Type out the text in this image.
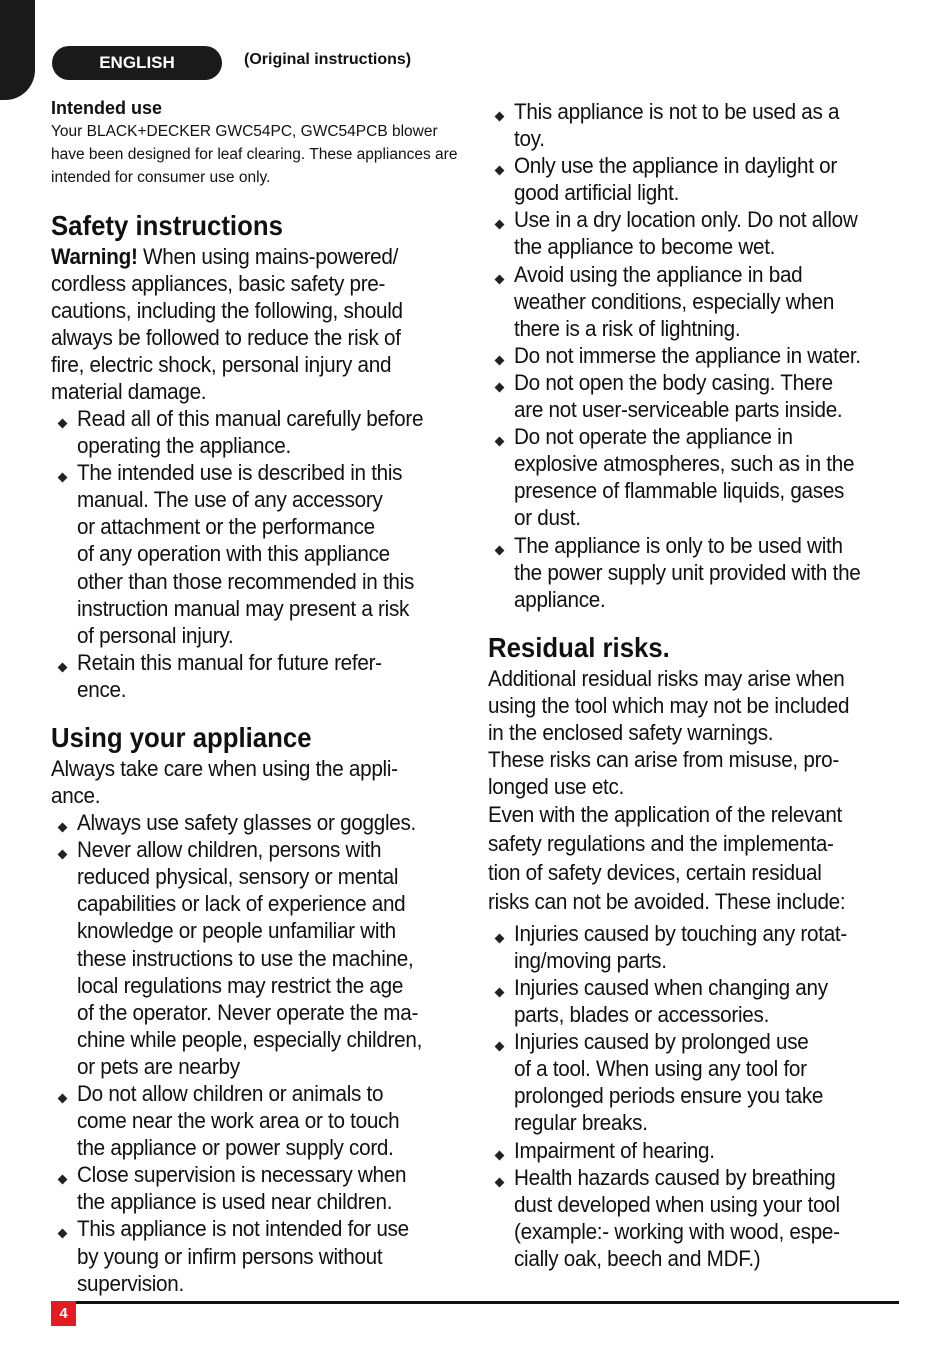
ENGLISH	(Original instructions)
Intended use

Your BLACK+DECKER GWC54PC, GWC54PCB blower
have been designed for leaf clearing. These appliances are
intended for consumer use only.

Safety instructions

Warning! When using mains-powered/
cordless appliances, basic safety pre-
cautions, including the following, should
always be followed to reduce the risk of
fire, electric shock, personal injury and
material damage.

Read all of this manual carefully before
operating the appliance.
The intended use is described in this
manual. The use of any accessory
or attachment or the performance
of any operation with this appliance
other than those recommended in this
instruction manual may present a risk
of personal injury.
Retain this manual for future refer-
ence.
Using your appliance

Always take care when using the appli-
ance.

Always use safety glasses or goggles.
Never allow children, persons with
reduced physical, sensory or mental
capabilities or lack of experience and
knowledge or people unfamiliar with
these instructions to use the machine,
local regulations may restrict the age
of the operator. Never operate the ma-
chine while people, especially children,
or pets are nearby
Do not allow children or animals to
come near the work area or to touch
the appliance or power supply cord.
Close supervision is necessary when
the appliance is used near children.
This appliance is not intended for use
by young or infirm persons without
supervision.
This appliance is not to be used as a
toy.
Only use the appliance in daylight or
good artificial light.
Use in a dry location only. Do not allow
the appliance to become wet.
Avoid using the appliance in bad
weather conditions, especially when
there is a risk of lightning.
Do not immerse the appliance in water.
Do not open the body casing. There
are not user-serviceable parts inside.
Do not operate the appliance in
explosive atmospheres, such as in the
presence of flammable liquids, gases
or dust.
The appliance is only to be used with
the power supply unit provided with the
appliance.
Residual risks.

Additional residual risks may arise when
using the tool which may not be included
in the enclosed safety warnings.

These risks can arise from misuse, pro-
longed use etc.

Even with the application of the relevant
safety regulations and the implementa-
tion of safety devices, certain residual
risks can not be avoided. These include:

Injuries caused by touching any rotat-
ing/moving parts.
Injuries caused when changing any
parts, blades or accessories.
Injuries caused by prolonged use
of a tool. When using any tool for
prolonged periods ensure you take
regular breaks.
Impairment of hearing.
Health hazards caused by breathing
dust developed when using your tool
(example:- working with wood, espe-
cially oak, beech and MDF.)
4
